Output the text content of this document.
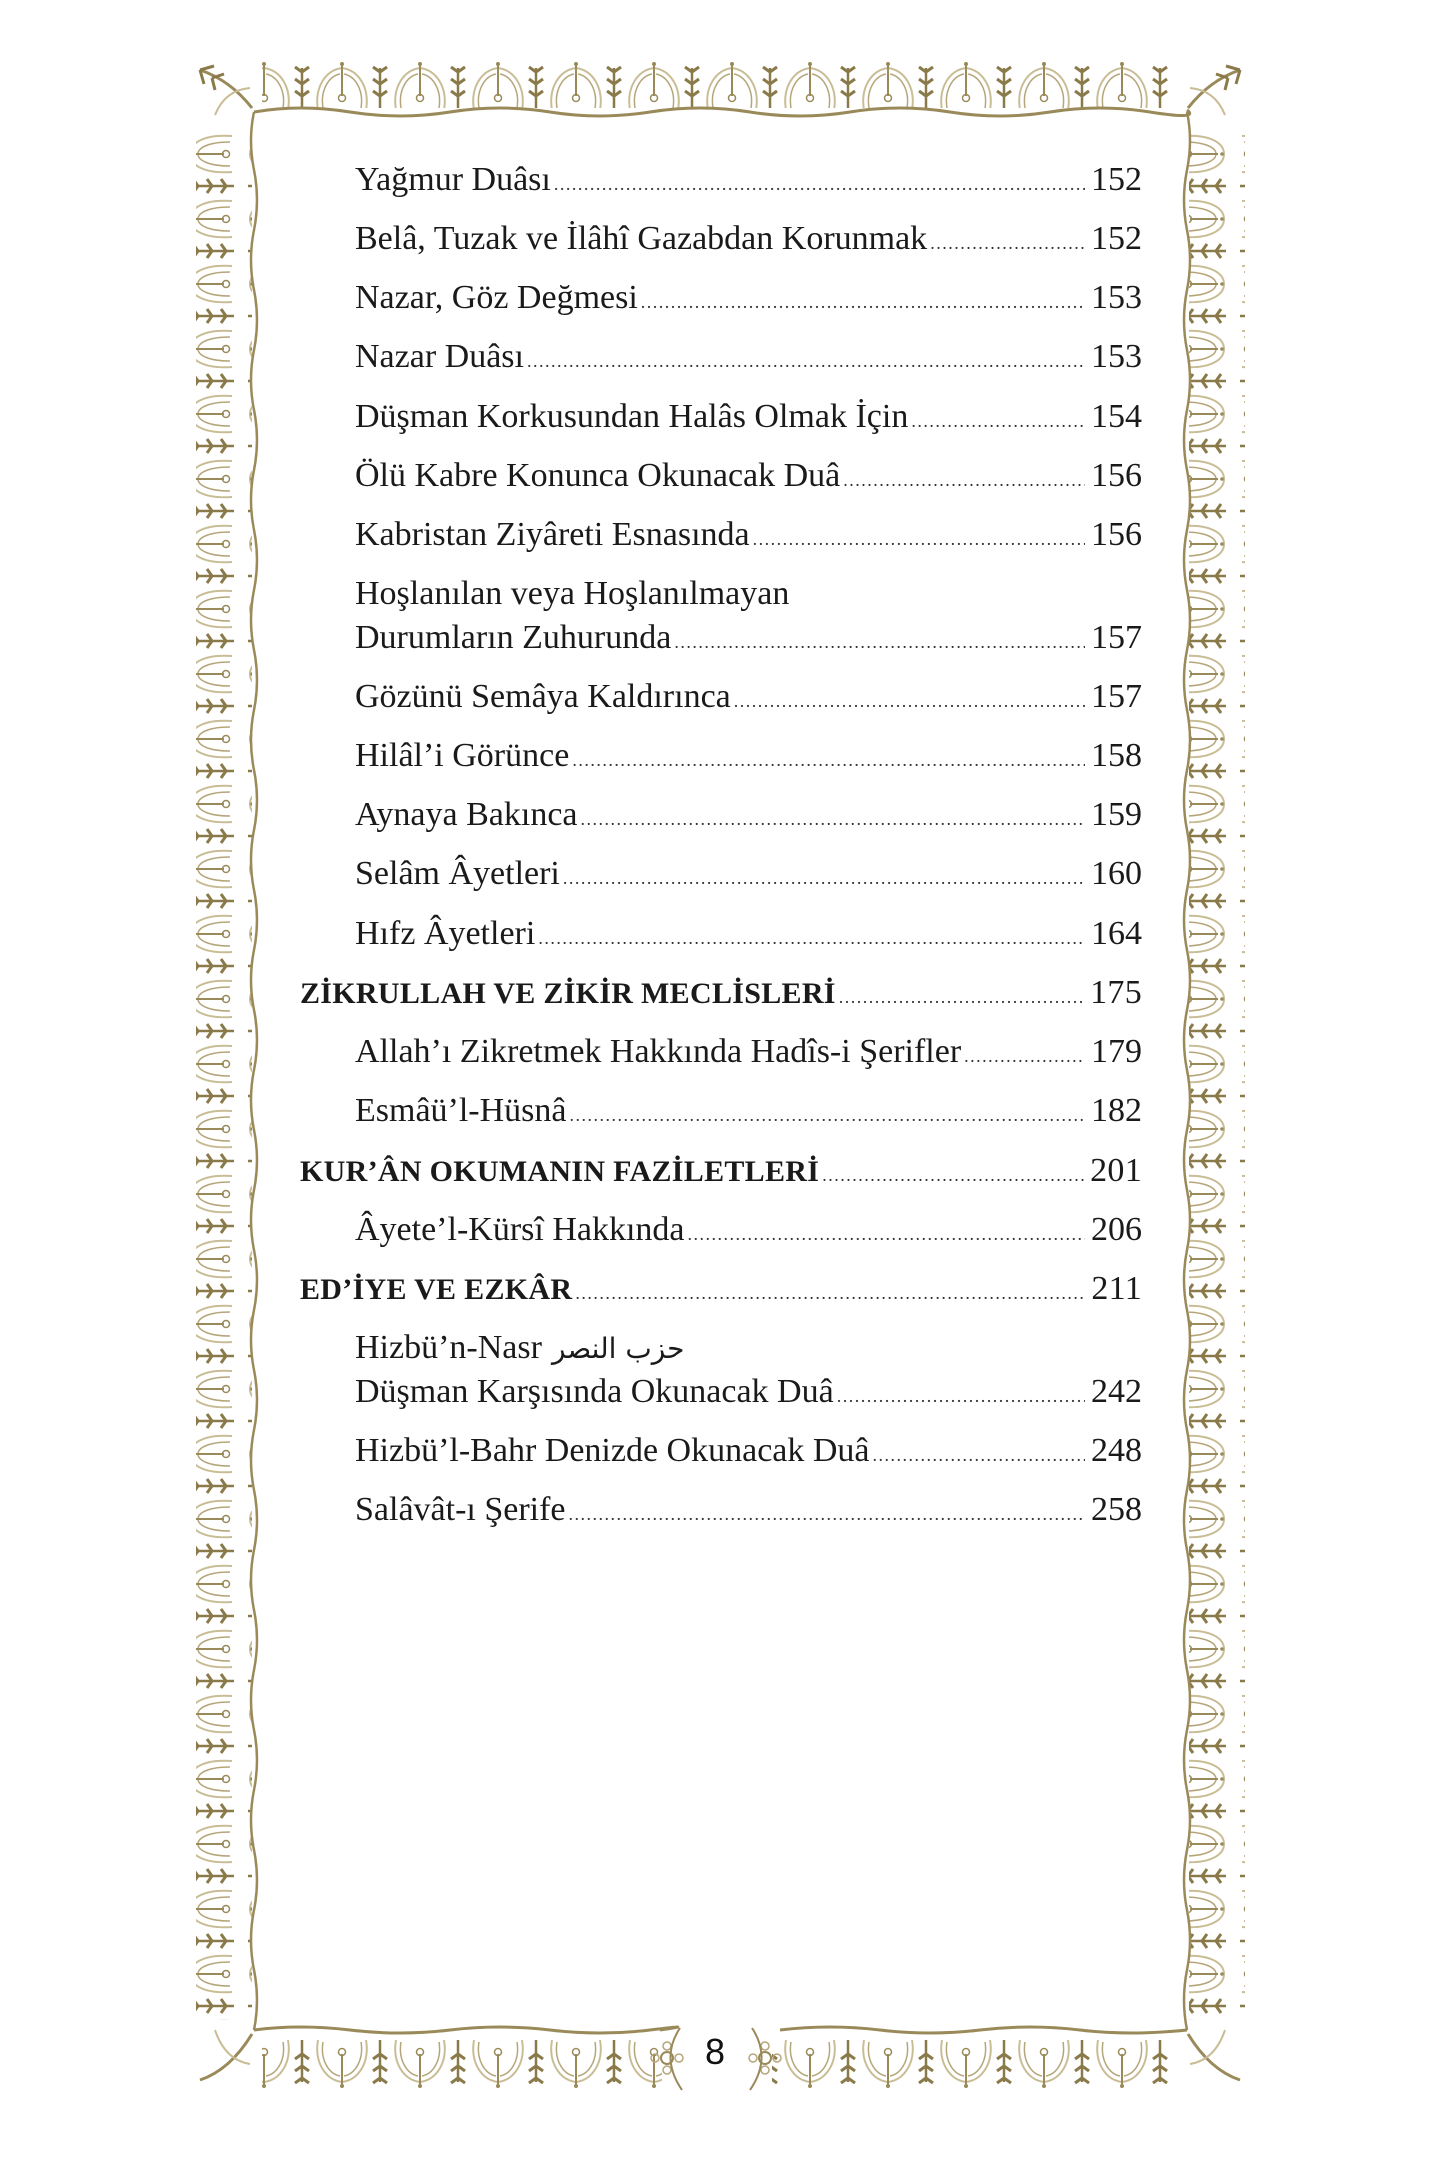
Yağmur Duâsı .....	152
Belâ, Tuzak ve İlâhî Gazabdan Korunmak .....	152
Nazar, Göz Değmesi .....	153
Nazar Duâsı .....	153
Düşman Korkusundan Halâs Olmak İçin .....	154
Ölü Kabre Konunca Okunacak Duâ .....	156
Kabristan Ziyâreti Esnasında .....	156
Hoşlanılan veya Hoşlanılmayan
Durumların Zuhurunda .....	157
Gözünü Semâya Kaldırınca .....	157
Hilâl’i Görünce .....	158
Aynaya Bakınca .....	159
Selâm Âyetleri .....	160
Hıfz Âyetleri .....	164
ZİKRULLAH VE ZİKİR MECLİSLERİ .....	175
Allah’ı Zikretmek Hakkında Hadîs-i Şerifler .....	179
Esmâü’l-Hüsnâ .....	182
KUR’ÂN OKUMANIN FAZİLETLERİ .....	201
Âyete’l-Kürsî Hakkında .....	206
ED’İYE VE EZKÂR .....	211
Hizbü’n-Nasr حزب النصر
Düşman Karşısında Okunacak Duâ .....	242
Hizbü’l-Bahr Denizde Okunacak Duâ .....	248
Salâvât-ı Şerife .....	258
8
